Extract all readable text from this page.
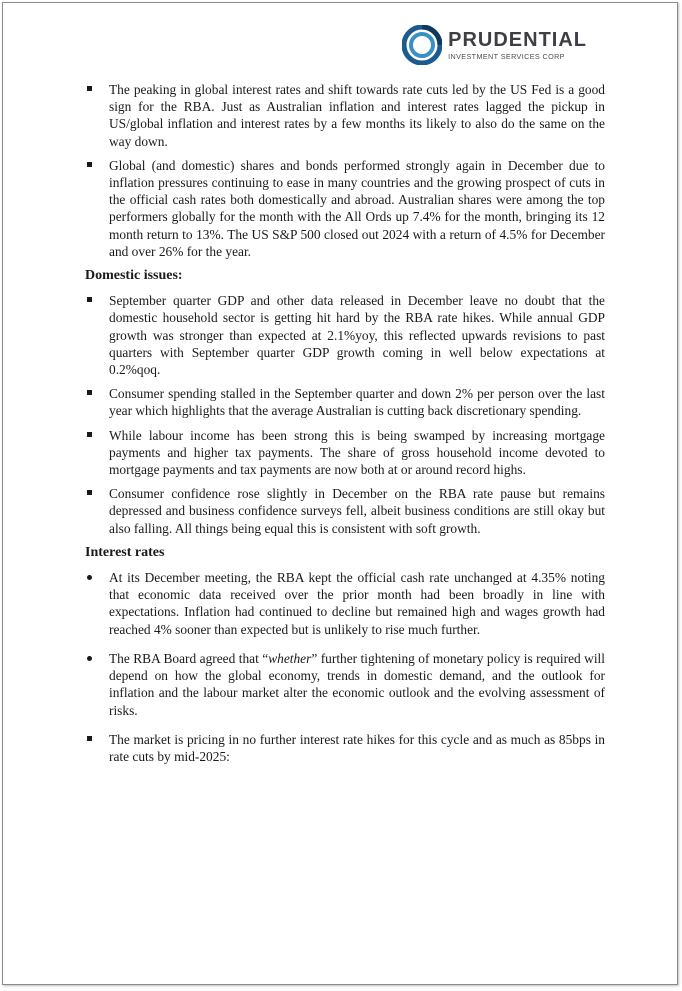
PRUDENTIAL
INVESTMENT SERVICES CORP
The peaking in global interest rates and shift towards rate cuts led by the US Fed is a good sign for the RBA. Just as Australian inflation and interest rates lagged the pickup in US/global inflation and interest rates by a few months its likely to also do the same on the way down.
Global (and domestic) shares and bonds performed strongly again in December due to inflation pressures continuing to ease in many countries and the growing prospect of cuts in the official cash rates both domestically and abroad. Australian shares were among the top performers globally for the month with the All Ords up 7.4% for the month, bringing its 12 month return to 13%. The US S&P 500 closed out 2024 with a return of 4.5% for December and over 26% for the year.
Domestic issues:
September quarter GDP and other data released in December leave no doubt that the domestic household sector is getting hit hard by the RBA rate hikes. While annual GDP growth was stronger than expected at 2.1%yoy, this reflected upwards revisions to past quarters with September quarter GDP growth coming in well below expectations at 0.2%qoq.
Consumer spending stalled in the September quarter and down 2% per person over the last year which highlights that the average Australian is cutting back discretionary spending.
While labour income has been strong this is being swamped by increasing mortgage payments and higher tax payments. The share of gross household income devoted to mortgage payments and tax payments are now both at or around record highs.
Consumer confidence rose slightly in December on the RBA rate pause but remains depressed and business confidence surveys fell, albeit business conditions are still okay but also falling. All things being equal this is consistent with soft growth.
Interest rates
At its December meeting, the RBA kept the official cash rate unchanged at 4.35% noting that economic data received over the prior month had been broadly in line with expectations. Inflation had continued to decline but remained high and wages growth had reached 4% sooner than expected but is unlikely to rise much further.
The RBA Board agreed that “whether” further tightening of monetary policy is required will depend on how the global economy, trends in domestic demand, and the outlook for inflation and the labour market alter the economic outlook and the evolving assessment of risks.
The market is pricing in no further interest rate hikes for this cycle and as much as 85bps in rate cuts by mid-2025:
